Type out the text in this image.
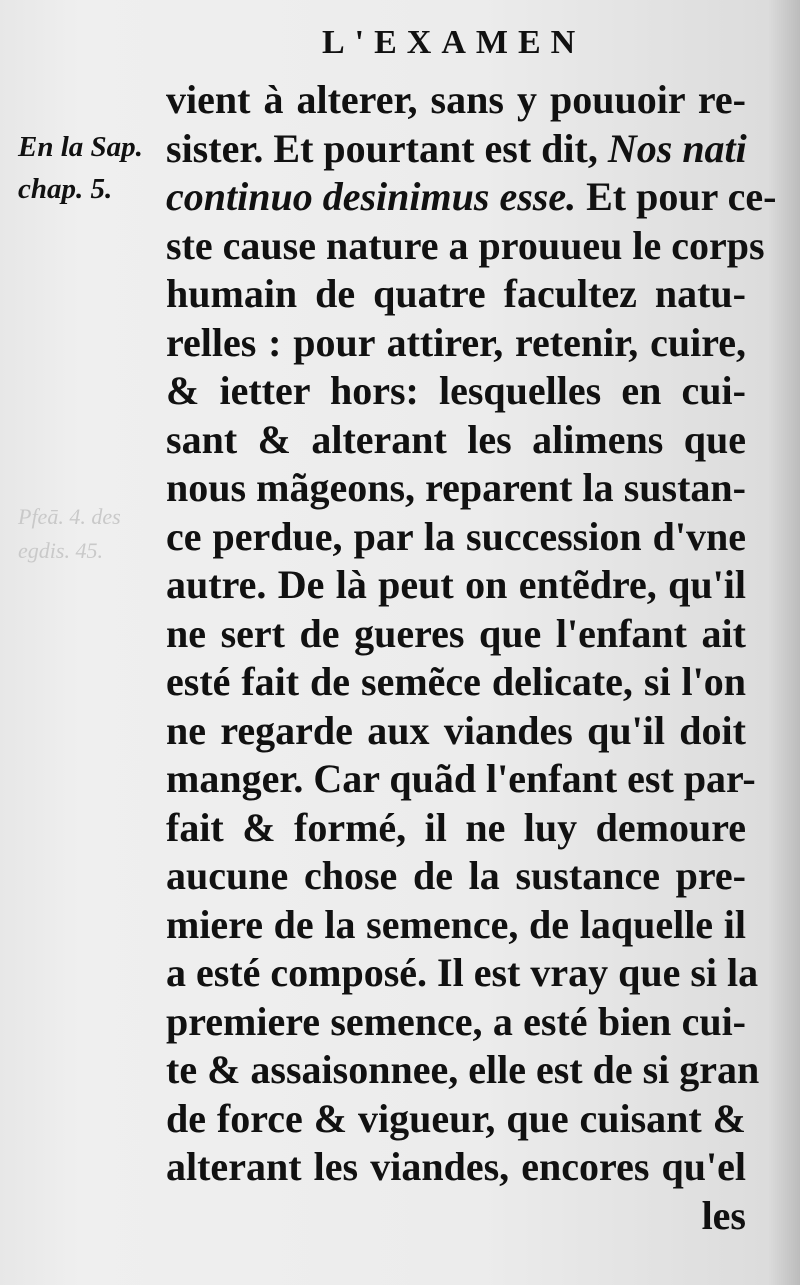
L'EXAMEN
En la Sap.
chap. 5.
Pfeā. 4. des
egdis. 45.
vient à alterer, sans y pouuoir re-
sister. Et pourtant est dit, Nos nati
continuo desinimus esse. Et pour ce-
ste cause nature a prouueu le corps
humain de quatre facultez natu-
relles : pour attirer, retenir, cuire,
& ietter hors: lesquelles en cui-
sant & alterant les alimens que
nous mãgeons, reparent la sustan-
ce perdue, par la succession d'vne
autre. De là peut on entẽdre, qu'il
ne sert de gueres que l'enfant ait
esté fait de semẽce delicate, si l'on
ne regarde aux viandes qu'il doit
manger. Car quãd l'enfant est par-
fait & formé, il ne luy demoure
aucune chose de la sustance pre-
miere de la semence, de laquelle il
a esté composé. Il est vray que si la
premiere semence, a esté bien cui-
te & assaisonnee, elle est de si gran
de force & vigueur, que cuisant &
alterant les viandes, encores qu'el
les
